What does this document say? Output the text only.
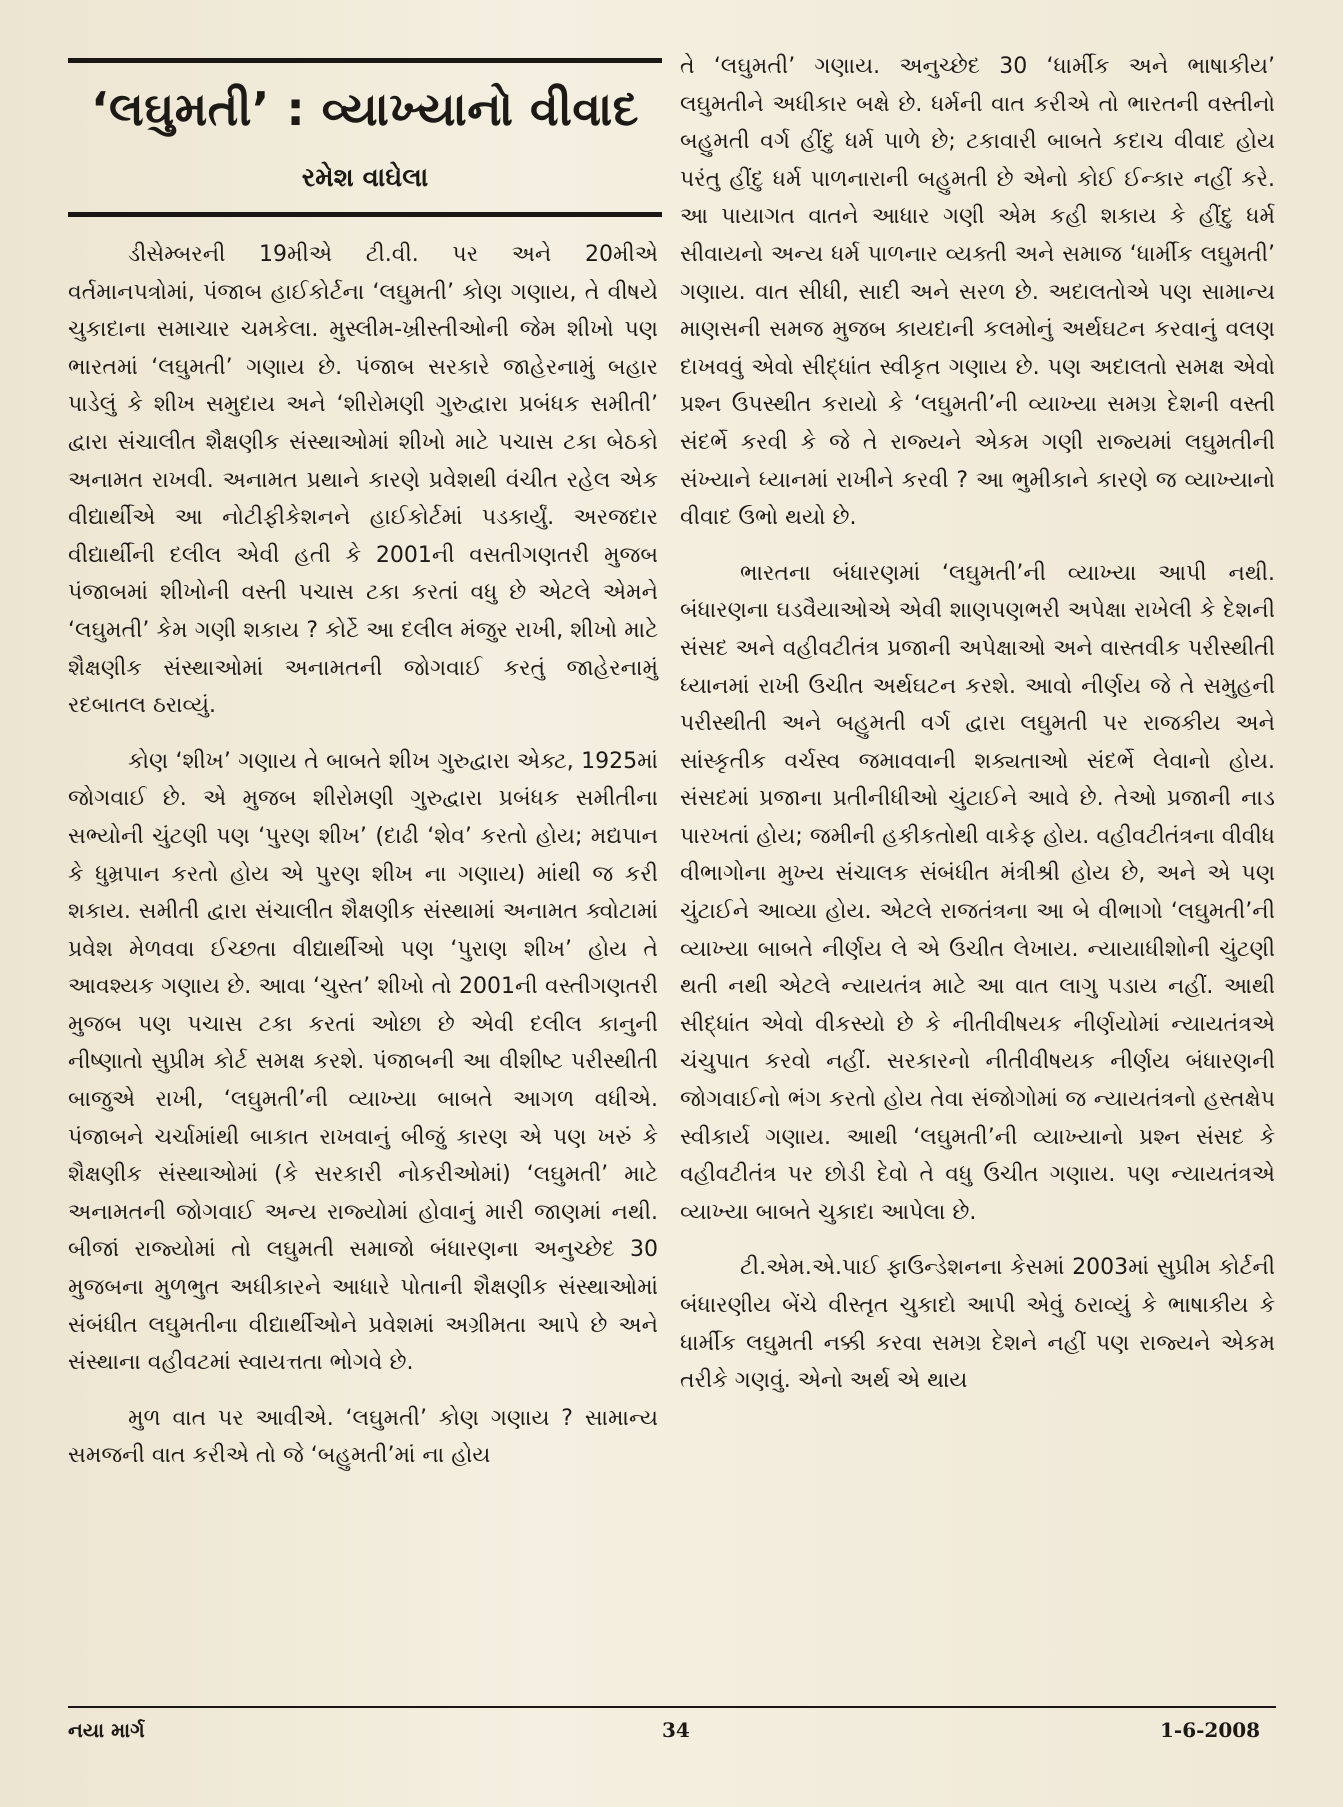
‘લઘુમતી’ : વ્યાખ્યાનો વીવાદ
રમેશ વાઘેલા

ડીસેમ્બરની 19મીએ ટી.વી. પર અને 20મીએ વર્તમાનપત્રોમાં, પંજાબ હાઈકોર્ટના ‘લઘુમતી’ કોણ ગણાય, તે વીષયે ચુકાદાના સમાચાર ચમકેલા. મુસ્લીમ-ખ્રીસ્તીઓની જેમ શીખો પણ ભારતમાં ‘લઘુમતી’ ગણાય છે. પંજાબ સરકારે જાહેરનામું બહાર પાડેલું કે શીખ સમુદાય અને ‘શીરોમણી ગુરુદ્વારા પ્રબંધક સમીતી’ દ્વારા સંચાલીત શૈક્ષણીક સંસ્થાઓમાં શીખો માટે પચાસ ટકા બેઠકો અનામત રાખવી. અનામત પ્રથાને કારણે પ્રવેશથી વંચીત રહેલ એક વીદ્યાર્થીએ આ નોટીફીકેશનને હાઈકોર્ટમાં પડકાર્યું. અરજદાર વીદ્યાર્થીની દલીલ એવી હતી કે 2001ની વસતીગણતરી મુજબ પંજાબમાં શીખોની વસ્તી પચાસ ટકા કરતાં વધુ છે એટલે એમને ‘લઘુમતી’ કેમ ગણી શકાય ? કોર્ટે આ દલીલ મંજુર રાખી, શીખો માટે શૈક્ષણીક સંસ્થાઓમાં અનામતની જોગવાઈ કરતું જાહેરનામું રદબાતલ ઠરાવ્યું.

કોણ ‘શીખ’ ગણાય તે બાબતે શીખ ગુરુદ્વારા એક્ટ, 1925માં જોગવાઈ છે. એ મુજબ શીરોમણી ગુરુદ્વારા પ્રબંધક સમીતીના સભ્યોની ચુંટણી પણ ‘પુરણ શીખ’ (દાઢી ‘શેવ’ કરતો હોય; મદ્યપાન કે ધુમ્રપાન કરતો હોય એ પુરણ શીખ ના ગણાય) માંથી જ કરી શકાય. સમીતી દ્વારા સંચાલીત શૈક્ષણીક સંસ્થામાં અનામત ક્વોટામાં પ્રવેશ મેળવવા ઈચ્છતા વીદ્યાર્થીઓ પણ ‘પુરાણ શીખ’ હોય તે આવશ્યક ગણાય છે. આવા ‘ચુસ્ત’ શીખો તો 2001ની વસ્તીગણતરી મુજબ પણ પચાસ ટકા કરતાં ઓછા છે એવી દલીલ કાનુની નીષ્ણાતો સુપ્રીમ કોર્ટ સમક્ષ કરશે. પંજાબની આ વીશીષ્ટ પરીસ્થીતી બાજુએ રાખી, ‘લઘુમતી’ની વ્યાખ્યા બાબતે આગળ વધીએ. પંજાબને ચર્ચામાંથી બાકાત રાખવાનું બીજું કારણ એ પણ ખરું કે શૈક્ષણીક સંસ્થાઓમાં (કે સરકારી નોકરીઓમાં) ‘લઘુમતી’ માટે અનામતની જોગવાઈ અન્ય રાજ્યોમાં હોવાનું મારી જાણમાં નથી. બીજાં રાજ્યોમાં તો લઘુમતી સમાજો બંધારણના અનુચ્છેદ 30 મુજબના મુળભુત અધીકારને આધારે પોતાની શૈક્ષણીક સંસ્થાઓમાં સંબંધીત લઘુમતીના વીદ્યાર્થીઓને પ્રવેશમાં અગ્રીમતા આપે છે અને સંસ્થાના વહીવટમાં સ્વાયત્તતા ભોગવે છે.

મુળ વાત પર આવીએ. ‘લઘુમતી’ કોણ ગણાય ? સામાન્ય સમજની વાત કરીએ તો જે ‘બહુમતી’માં ના હોય

તે ‘લઘુમતી’ ગણાય. અનુચ્છેદ 30 ‘ધાર્મીક અને ભાષાકીય’ લઘુમતીને અધીકાર બક્ષે છે. ધર્મની વાત કરીએ તો ભારતની વસ્તીનો બહુમતી વર્ગ હીંદુ ધર્મ પાળે છે; ટકાવારી બાબતે કદાચ વીવાદ હોય પરંતુ હીંદુ ધર્મ પાળનારાની બહુમતી છે એનો કોઈ ઈન્કાર નહીં કરે. આ પાયાગત વાતને આધાર ગણી એમ કહી શકાય કે હીંદુ ધર્મ સીવાયનો અન્ય ધર્મ પાળનાર વ્યક્તી અને સમાજ ‘ધાર્મીક લઘુમતી’ ગણાય. વાત સીધી, સાદી અને સરળ છે. અદાલતોએ પણ સામાન્ય માણસની સમજ મુજબ કાયદાની કલમોનું અર્થઘટન કરવાનું વલણ દાખવવું એવો સીદ્ધાંત સ્વીકૃત ગણાય છે. પણ અદાલતો સમક્ષ એવો પ્રશ્ન ઉપસ્થીત કરાયો કે ‘લઘુમતી’ની વ્યાખ્યા સમગ્ર દેશની વસ્તી સંદર્ભે કરવી કે જે તે રાજ્યને એકમ ગણી રાજ્યમાં લઘુમતીની સંખ્યાને ધ્યાનમાં રાખીને કરવી ? આ ભુમીકાને કારણે જ વ્યાખ્યાનો વીવાદ ઉભો થયો છે.

ભારતના બંધારણમાં ‘લઘુમતી’ની વ્યાખ્યા આપી નથી. બંધારણના ઘડવૈયાઓએ એવી શાણપણભરી અપેક્ષા રાખેલી કે દેશની સંસદ અને વહીવટીતંત્ર પ્રજાની અપેક્ષાઓ અને વાસ્તવીક પરીસ્થીતી ધ્યાનમાં રાખી ઉચીત અર્થઘટન કરશે. આવો નીર્ણય જે તે સમુહની પરીસ્થીતી અને બહુમતી વર્ગ દ્વારા લઘુમતી પર રાજકીય અને સાંસ્કૃતીક વર્ચસ્વ જમાવવાની શક્યતાઓ સંદર્ભે લેવાનો હોય. સંસદમાં પ્રજાના પ્રતીનીધીઓ ચુંટાઈને આવે છે. તેઓ પ્રજાની નાડ પારખતાં હોય; જમીની હકીકતોથી વાકેફ હોય. વહીવટીતંત્રના વીવીધ વીભાગોના મુખ્ય સંચાલક સંબંધીત મંત્રીશ્રી હોય છે, અને એ પણ ચુંટાઈને આવ્યા હોય. એટલે રાજતંત્રના આ બે વીભાગો ‘લઘુમતી’ની વ્યાખ્યા બાબતે નીર્ણય લે એ ઉચીત લેખાય. ન્યાયાધીશોની ચુંટણી થતી નથી એટલે ન્યાયતંત્ર માટે આ વાત લાગુ પડાય નહીં. આથી સીદ્ધાંત એવો વીકસ્યો છે કે નીતીવીષયક નીર્ણયોમાં ન્યાયતંત્રએ ચંચુપાત કરવો નહીં. સરકારનો નીતીવીષયક નીર્ણય બંધારણની જોગવાઈનો ભંગ કરતો હોય તેવા સંજોગોમાં જ ન્યાયતંત્રનો હસ્તક્ષેપ સ્વીકાર્ય ગણાય. આથી ‘લઘુમતી’ની વ્યાખ્યાનો પ્રશ્ન સંસદ કે વહીવટીતંત્ર પર છોડી દેવો તે વધુ ઉચીત ગણાય. પણ ન્યાયતંત્રએ વ્યાખ્યા બાબતે ચુકાદા આપેલા છે.

ટી.એમ.એ.પાઈ ફાઉન્ડેશનના કેસમાં 2003માં સુપ્રીમ કોર્ટની બંધારણીય બેંચે વીસ્તૃત ચુકાદો આપી એવું ઠરાવ્યું કે ભાષાકીય કે ધાર્મીક લઘુમતી નક્કી કરવા સમગ્ર દેશને નહીં પણ રાજ્યને એકમ તરીકે ગણવું. એનો અર્થ એ થાય

નયા માર્ગ	34	1-6-2008
